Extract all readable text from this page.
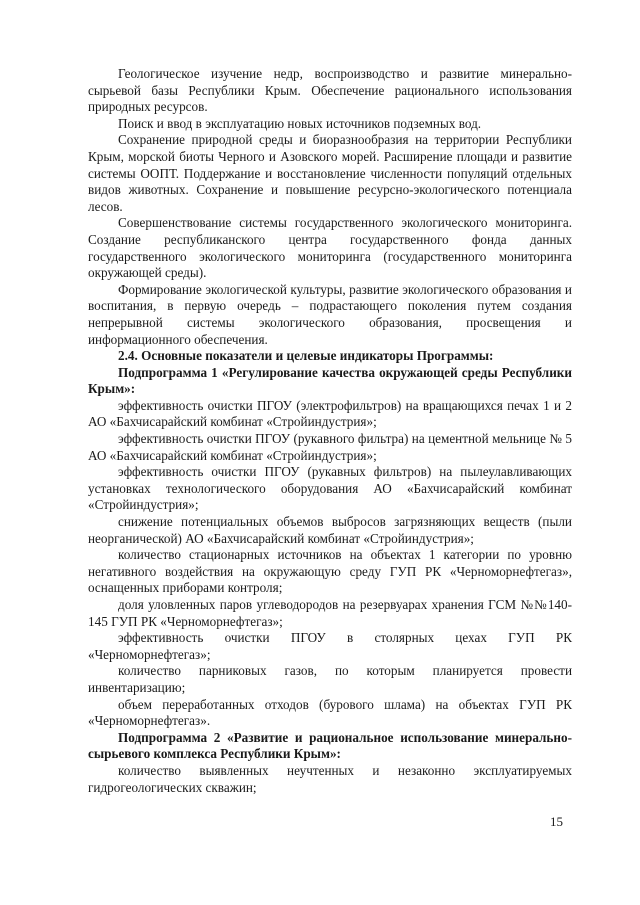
Геологическое изучение недр, воспроизводство и развитие минерально-сырьевой базы Республики Крым. Обеспечение рационального использования природных ресурсов.

Поиск и ввод в эксплуатацию новых источников подземных вод.

Сохранение природной среды и биоразнообразия на территории Республики Крым, морской биоты Черного и Азовского морей. Расширение площади и развитие системы ООПТ. Поддержание и восстановление численности популяций отдельных видов животных. Сохранение и повышение ресурсно-экологического потенциала лесов.

Совершенствование системы государственного экологического мониторинга. Создание республиканского центра государственного фонда данных государственного экологического мониторинга (государственного мониторинга окружающей среды).

Формирование экологической культуры, развитие экологического образования и воспитания, в первую очередь – подрастающего поколения путем создания непрерывной системы экологического образования, просвещения и информационного обеспечения.

2.4. Основные показатели и целевые индикаторы Программы:

Подпрограмма 1 «Регулирование качества окружающей среды Республики Крым»:

эффективность очистки ПГОУ (электрофильтров) на вращающихся печах 1 и 2 АО «Бахчисарайский комбинат «Стройиндустрия»;

эффективность очистки ПГОУ (рукавного фильтра) на цементной мельнице № 5 АО «Бахчисарайский комбинат «Стройиндустрия»;

эффективность очистки ПГОУ (рукавных фильтров) на пылеулавливающих установках технологического оборудования АО «Бахчисарайский комбинат «Стройиндустрия»;

снижение потенциальных объемов выбросов загрязняющих веществ (пыли неорганической) АО «Бахчисарайский комбинат «Стройиндустрия»;

количество стационарных источников на объектах 1 категории по уровню негативного воздействия на окружающую среду ГУП РК «Черноморнефтегаз», оснащенных приборами контроля;

доля уловленных паров углеводородов на резервуарах хранения ГСМ №№140-145 ГУП РК «Черноморнефтегаз»;

эффективность очистки ПГОУ в столярных цехах ГУП РК «Черноморнефтегаз»;

количество парниковых газов, по которым планируется провести инвентаризацию;

объем переработанных отходов (бурового шлама) на объектах ГУП РК «Черноморнефтегаз».

Подпрограмма 2 «Развитие и рациональное использование минерально-сырьевого комплекса Республики Крым»:

количество выявленных неучтенных и незаконно эксплуатируемых гидрогеологических скважин;

15
